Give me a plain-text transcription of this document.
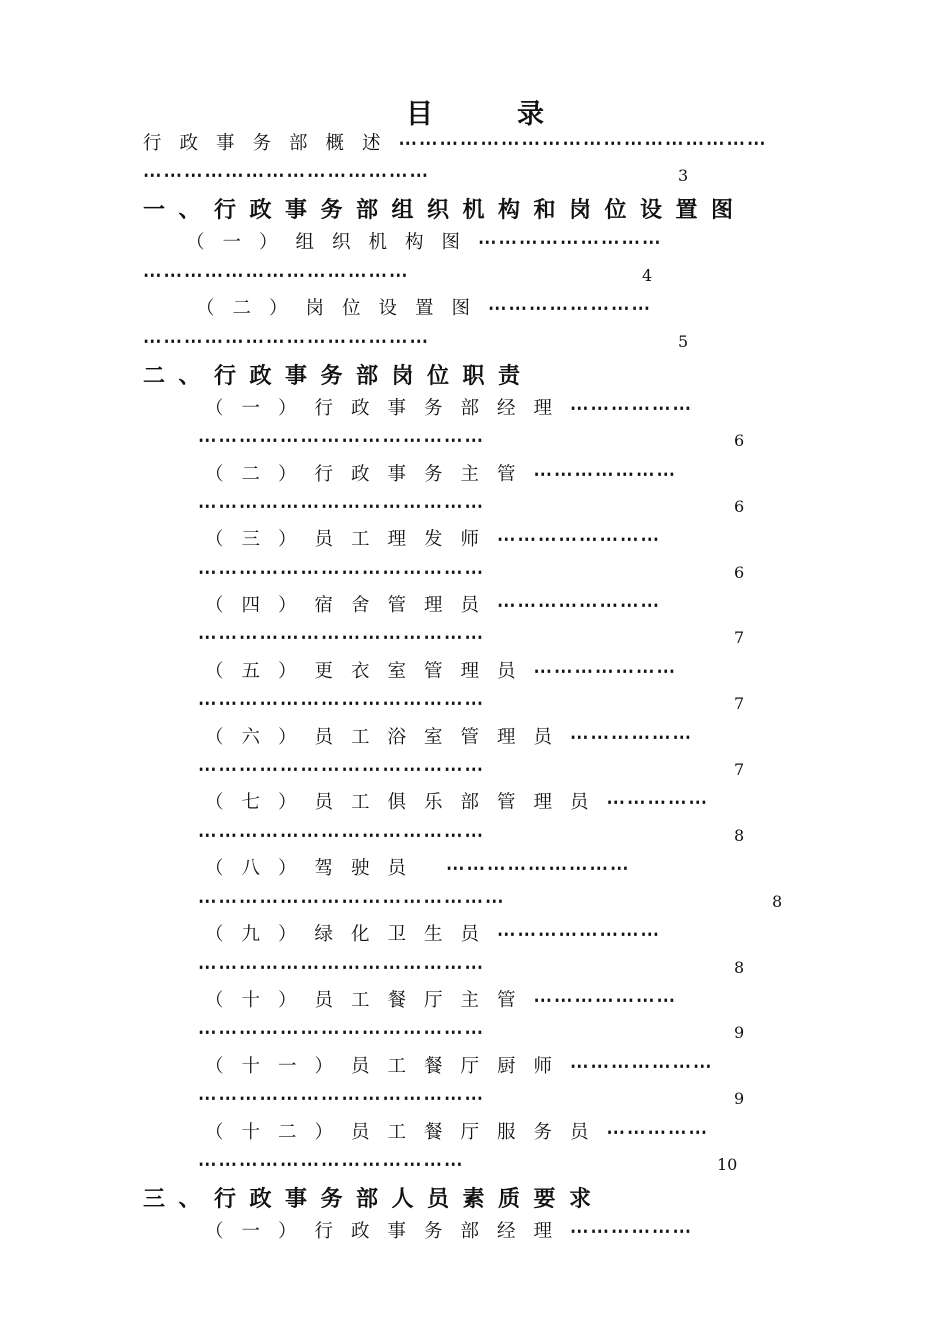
目	录
行政事务部概述⋯⋯⋯⋯⋯⋯⋯⋯⋯⋯⋯⋯⋯⋯⋯⋯⋯⋯
⋯⋯⋯⋯⋯⋯⋯⋯⋯⋯⋯⋯⋯⋯	3
一、行政事务部组织机构和岗位设置图
（一）组织机构图⋯⋯⋯⋯⋯⋯⋯⋯⋯
⋯⋯⋯⋯⋯⋯⋯⋯⋯⋯⋯⋯⋯	4
（二）岗位设置图⋯⋯⋯⋯⋯⋯⋯⋯
⋯⋯⋯⋯⋯⋯⋯⋯⋯⋯⋯⋯⋯⋯	5
二、行政事务部岗位职责
（一）行政事务部经理⋯⋯⋯⋯⋯⋯
⋯⋯⋯⋯⋯⋯⋯⋯⋯⋯⋯⋯⋯⋯	6
（二）行政事务主管⋯⋯⋯⋯⋯⋯⋯
⋯⋯⋯⋯⋯⋯⋯⋯⋯⋯⋯⋯⋯⋯	6
（三）员工理发师⋯⋯⋯⋯⋯⋯⋯⋯
⋯⋯⋯⋯⋯⋯⋯⋯⋯⋯⋯⋯⋯⋯	6
（四）宿舍管理员⋯⋯⋯⋯⋯⋯⋯⋯
⋯⋯⋯⋯⋯⋯⋯⋯⋯⋯⋯⋯⋯⋯	7
（五）更衣室管理员⋯⋯⋯⋯⋯⋯⋯
⋯⋯⋯⋯⋯⋯⋯⋯⋯⋯⋯⋯⋯⋯	7
（六）员工浴室管理员⋯⋯⋯⋯⋯⋯
⋯⋯⋯⋯⋯⋯⋯⋯⋯⋯⋯⋯⋯⋯	7
（七）员工俱乐部管理员⋯⋯⋯⋯⋯
⋯⋯⋯⋯⋯⋯⋯⋯⋯⋯⋯⋯⋯⋯	8
（八）驾驶员 ⋯⋯⋯⋯⋯⋯⋯⋯⋯
⋯⋯⋯⋯⋯⋯⋯⋯⋯⋯⋯⋯⋯⋯⋯	8
（九）绿化卫生员⋯⋯⋯⋯⋯⋯⋯⋯
⋯⋯⋯⋯⋯⋯⋯⋯⋯⋯⋯⋯⋯⋯	8
（十）员工餐厅主管⋯⋯⋯⋯⋯⋯⋯
⋯⋯⋯⋯⋯⋯⋯⋯⋯⋯⋯⋯⋯⋯	9
（十一）员工餐厅厨师⋯⋯⋯⋯⋯⋯⋯
⋯⋯⋯⋯⋯⋯⋯⋯⋯⋯⋯⋯⋯⋯	9
（十二）员工餐厅服务员⋯⋯⋯⋯⋯
⋯⋯⋯⋯⋯⋯⋯⋯⋯⋯⋯⋯⋯	10
三、行政事务部人员素质要求
（一）行政事务部经理⋯⋯⋯⋯⋯⋯
